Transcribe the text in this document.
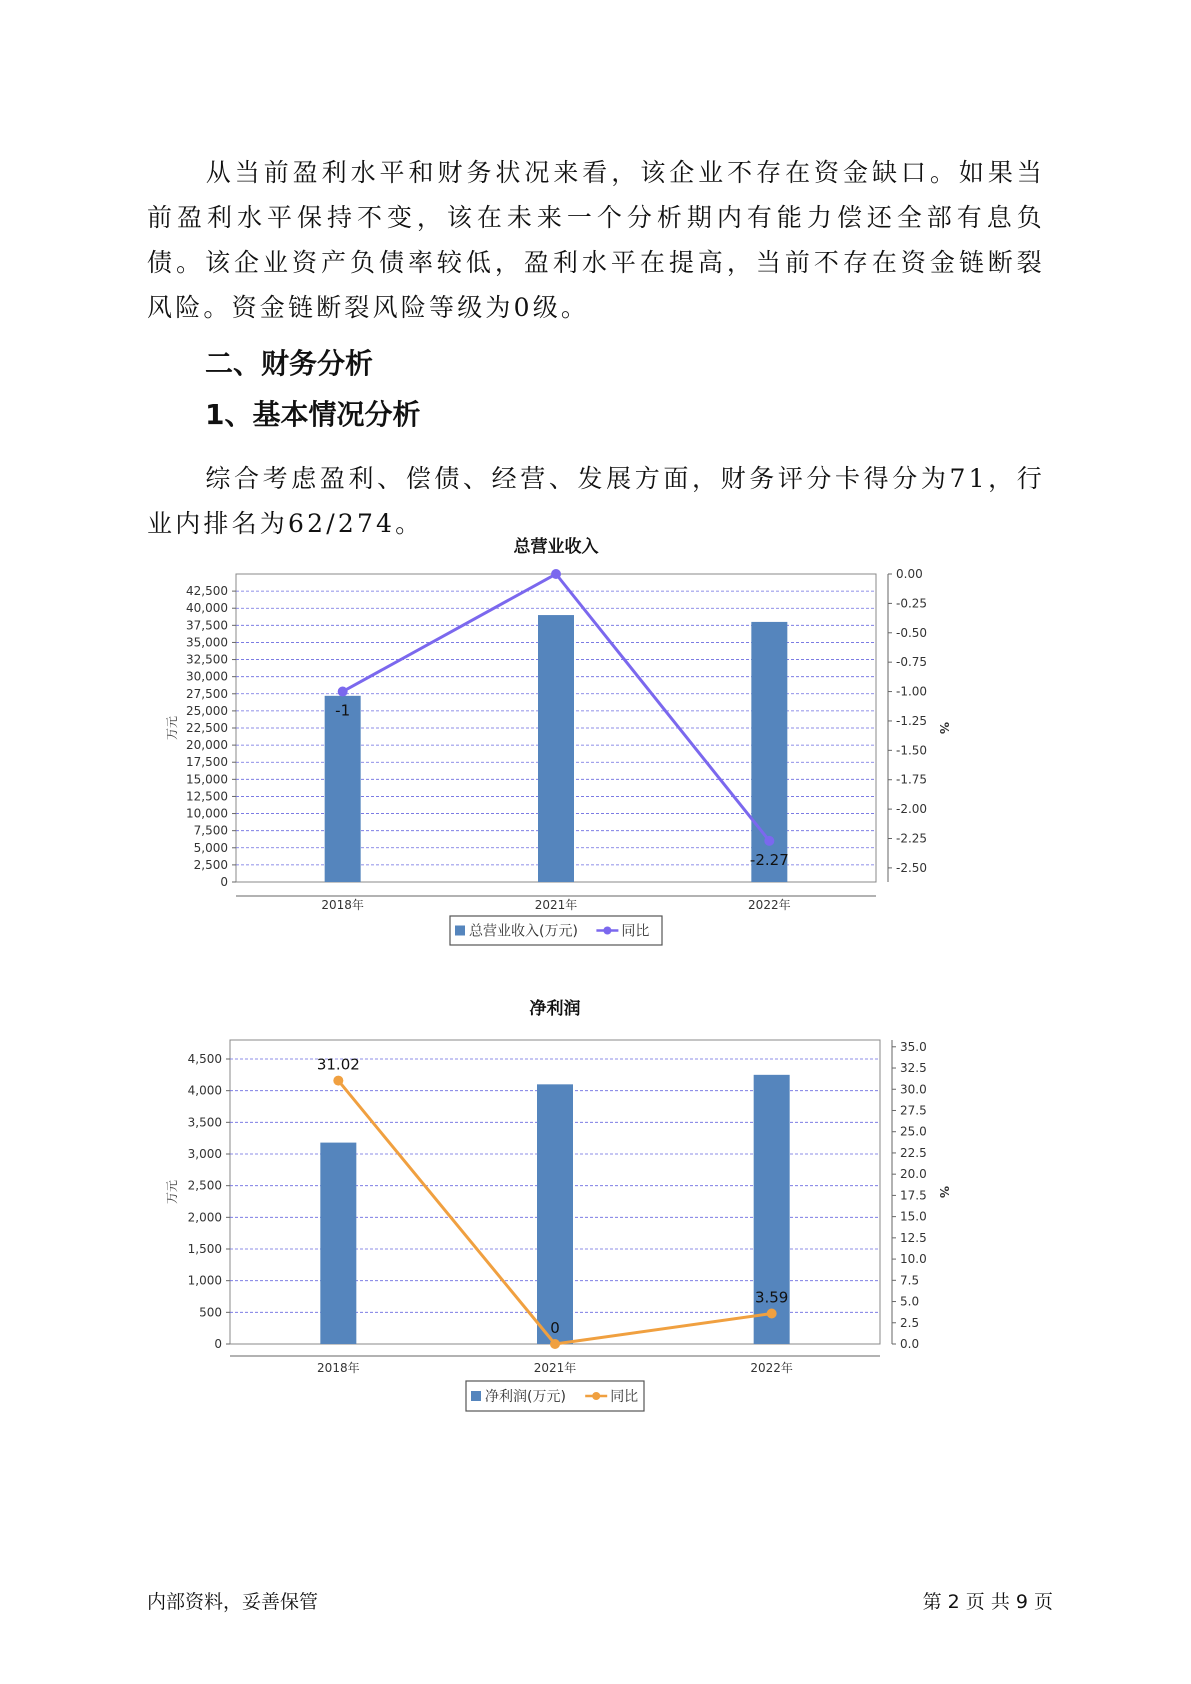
从当前盈利水平和财务状况来看，该企业不存在资金缺口。如果当前盈利水平保持不变，该在未来一个分析期内有能力偿还全部有息负债。该企业资产负债率较低，盈利水平在提高，当前不存在资金链断裂风险。资金链断裂风险等级为0级。

二、财务分析
1、基本情况分析

综合考虑盈利、偿债、经营、发展方面，财务评分卡得分为71，行业内排名为62/274。

总营业收入
0
2,500
5,000
7,500
10,000
12,500
15,000
17,500
20,000
22,500
25,000
27,500
30,000
32,500
35,000
37,500
40,000
42,500
0.00
-0.25
-0.50
-0.75
-1.00
-1.25
-1.50
-1.75
-2.00
-2.25
-2.50
万元	%
2018年	2021年	2022年
-1
-2.27
总营业收入(万元)	同比
净利润
0
500
1,000
1,500
2,000
2,500
3,000
3,500
4,000
4,500
0.0
2.5
5.0
7.5
10.0
12.5
15.0
17.5
20.0
22.5
25.0
27.5
30.0
32.5
35.0
万元	%
2018年	2021年	2022年
31.02
0
3.59
净利润(万元)	同比
内部资料，妥善保管	第 2 页 共 9 页
